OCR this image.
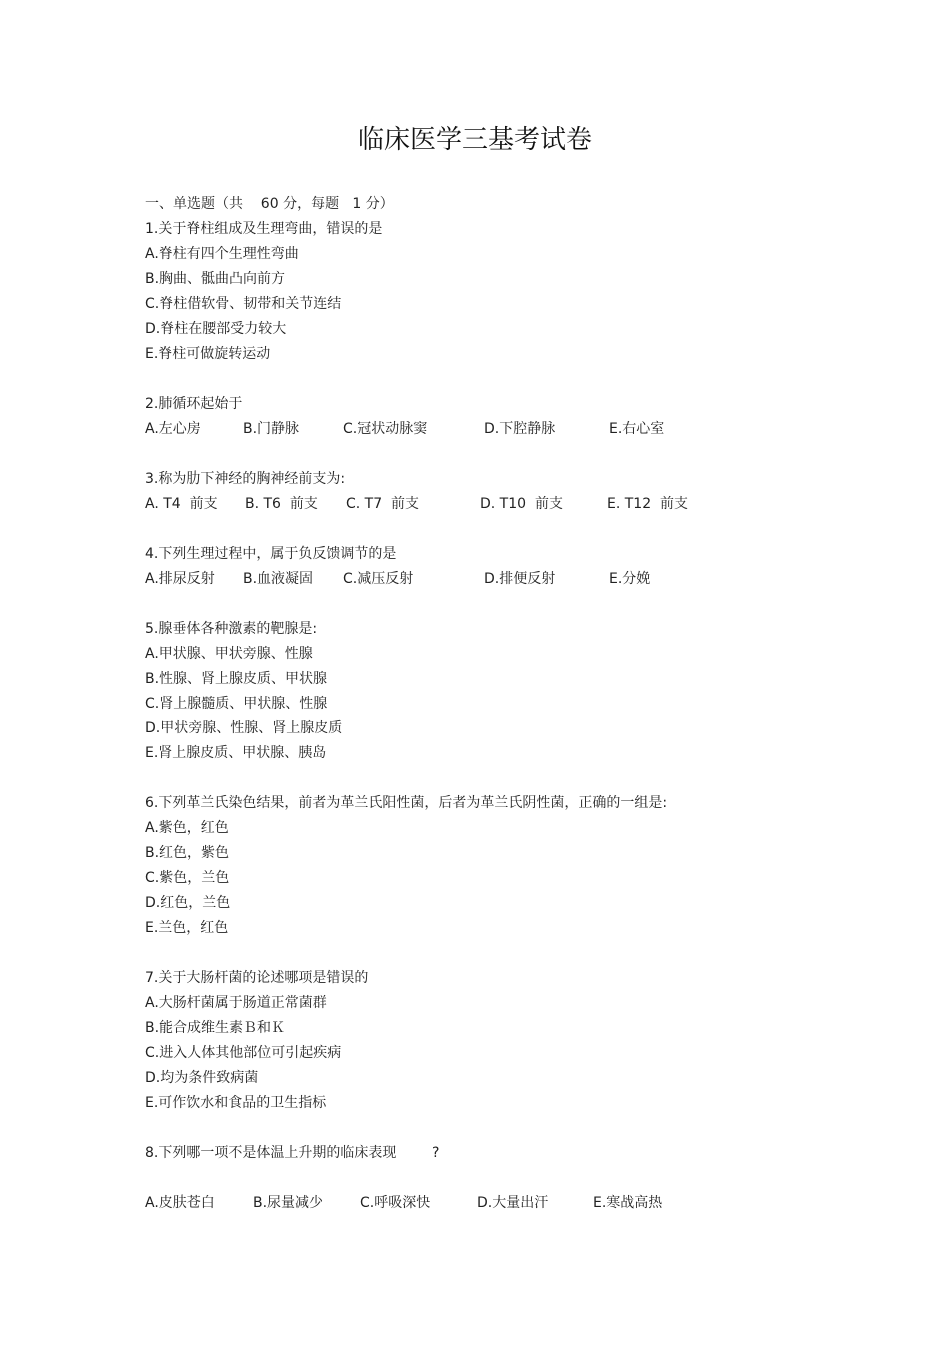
临床医学三基考试卷
一、单选题（共    60 分，每题   1 分）
1.关于脊柱组成及生理弯曲，错误的是
A.脊柱有四个生理性弯曲
B.胸曲、骶曲凸向前方
C.脊柱借软骨、韧带和关节连结
D.脊柱在腰部受力较大
E.脊柱可做旋转运动
2.肺循环起始于
A.左心房	B.门静脉	C.冠状动脉窦	D.下腔静脉	E.右心室
3.称为肋下神经的胸神经前支为:
A. T4  前支 B. T6  前支 C. T7  前支	D. T10  前支	E. T12  前支
4.下列生理过程中，属于负反馈调节的是
A.排尿反射 B.血液凝固 C.减压反射	D.排便反射	E.分娩
5.腺垂体各种激素的靶腺是:
A.甲状腺、甲状旁腺、性腺
B.性腺、肾上腺皮质、甲状腺
C.肾上腺髓质、甲状腺、性腺
D.甲状旁腺、性腺、肾上腺皮质
E.肾上腺皮质、甲状腺、胰岛
6.下列革兰氏染色结果，前者为革兰氏阳性菌，后者为革兰氏阴性菌，正确的一组是:
A.紫色，红色
B.红色，紫色
C.紫色，兰色
D.红色，兰色
E.兰色，红色
7.关于大肠杆菌的论述哪项是错误的
A.大肠杆菌属于肠道正常菌群
B.能合成维生素Ｂ和Ｋ
C.进入人体其他部位可引起疾病
D.均为条件致病菌
E.可作饮水和食品的卫生指标
8.下列哪一项不是体温上升期的临床表现        ?
A.皮肤苍白	B.尿量减少	C.呼吸深快	D.大量出汗	E.寒战高热
